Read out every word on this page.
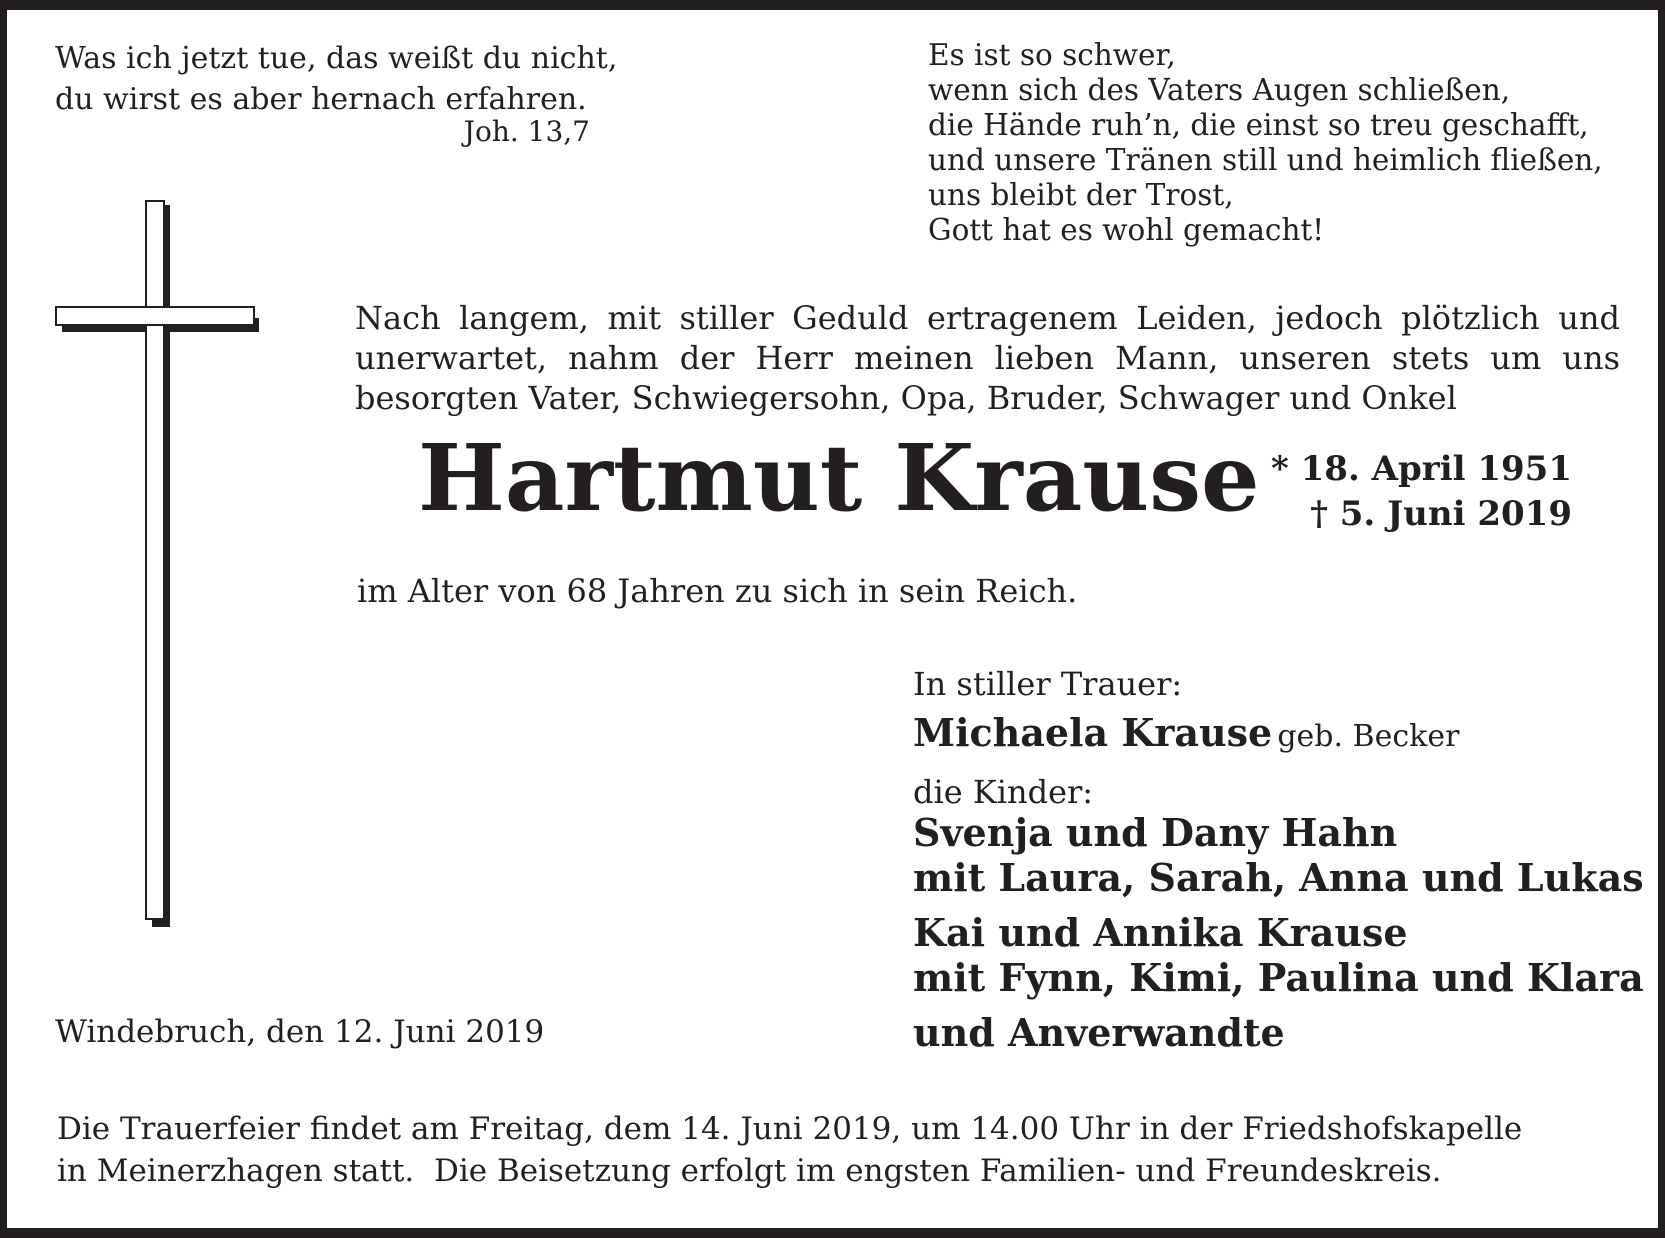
Was ich jetzt tue, das weißt du nicht,
du wirst es aber hernach erfahren.
Joh. 13,7
Es ist so schwer,
wenn sich des Vaters Augen schließen,
die Hände ruh’n, die einst so treu geschafft,
und unsere Tränen still und heimlich fließen,
uns bleibt der Trost,
Gott hat es wohl gemacht!
Nach langem, mit stiller Geduld ertragenem Leiden, jedoch plötzlich und
unerwartet, nahm der Herr meinen lieben Mann, unseren stets um uns
besorgten Vater, Schwiegersohn, Opa, Bruder, Schwager und Onkel
Hartmut Krause * 18. April 1951
† 5. Juni 2019
im Alter von 68 Jahren zu sich in sein Reich.
In stiller Trauer:
Michaela Krause geb. Becker
die Kinder:
Svenja und Dany Hahn
mit Laura, Sarah, Anna und Lukas
Kai und Annika Krause
mit Fynn, Kimi, Paulina und Klara
und Anverwandte
Windebruch, den 12. Juni 2019
Die Trauerfeier findet am Freitag, dem 14. Juni 2019, um 14.00 Uhr in der Friedshofskapelle
in Meinerzhagen statt.  Die Beisetzung erfolgt im engsten Familien- und Freundeskreis.
